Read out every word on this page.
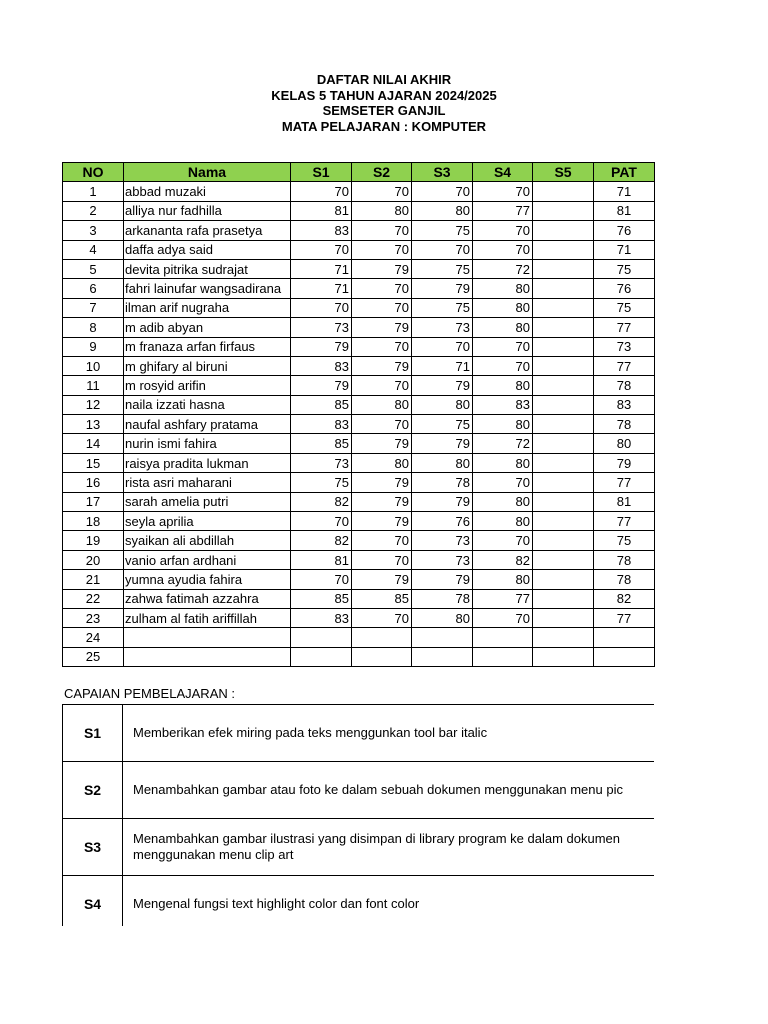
DAFTAR NILAI AKHIR
KELAS 5 TAHUN AJARAN 2024/2025
SEMSETER GANJIL
MATA PELAJARAN : KOMPUTER
NO	Nama	S1	S2	S3	S4	S5	PAT
1	abbad muzaki	70	70	70	70		71
2	alliya nur fadhilla	81	80	80	77		81
3	arkananta rafa prasetya	83	70	75	70		76
4	daffa adya said	70	70	70	70		71
5	devita pitrika sudrajat	71	79	75	72		75
6	fahri lainufar wangsadirana	71	70	79	80		76
7	ilman arif nugraha	70	70	75	80		75
8	m adib abyan	73	79	73	80		77
9	m franaza arfan firfaus	79	70	70	70		73
10	m ghifary al biruni	83	79	71	70		77
11	m rosyid arifin	79	70	79	80		78
12	naila izzati hasna	85	80	80	83		83
13	naufal ashfary pratama	83	70	75	80		78
14	nurin ismi fahira	85	79	79	72		80
15	raisya pradita lukman	73	80	80	80		79
16	rista asri maharani	75	79	78	70		77
17	sarah amelia putri	82	79	79	80		81
18	seyla aprilia	70	79	76	80		77
19	syaikan ali abdillah	82	70	73	70		75
20	vanio arfan ardhani	81	70	73	82		78
21	yumna ayudia fahira	70	79	79	80		78
22	zahwa fatimah azzahra	85	85	78	77		82
23	zulham al fatih ariffillah	83	70	80	70		77
24							
25							
CAPAIAN PEMBELAJARAN :
S1	Memberikan efek miring pada teks menggunkan tool bar italic

S2	Menambahkan gambar atau foto ke dalam sebuah dokumen menggunakan menu pic

S3	Menambahkan gambar ilustrasi yang disimpan di library program ke dalam dokumen
menggunakan menu clip art

S4	Mengenal fungsi text highlight color dan font color
